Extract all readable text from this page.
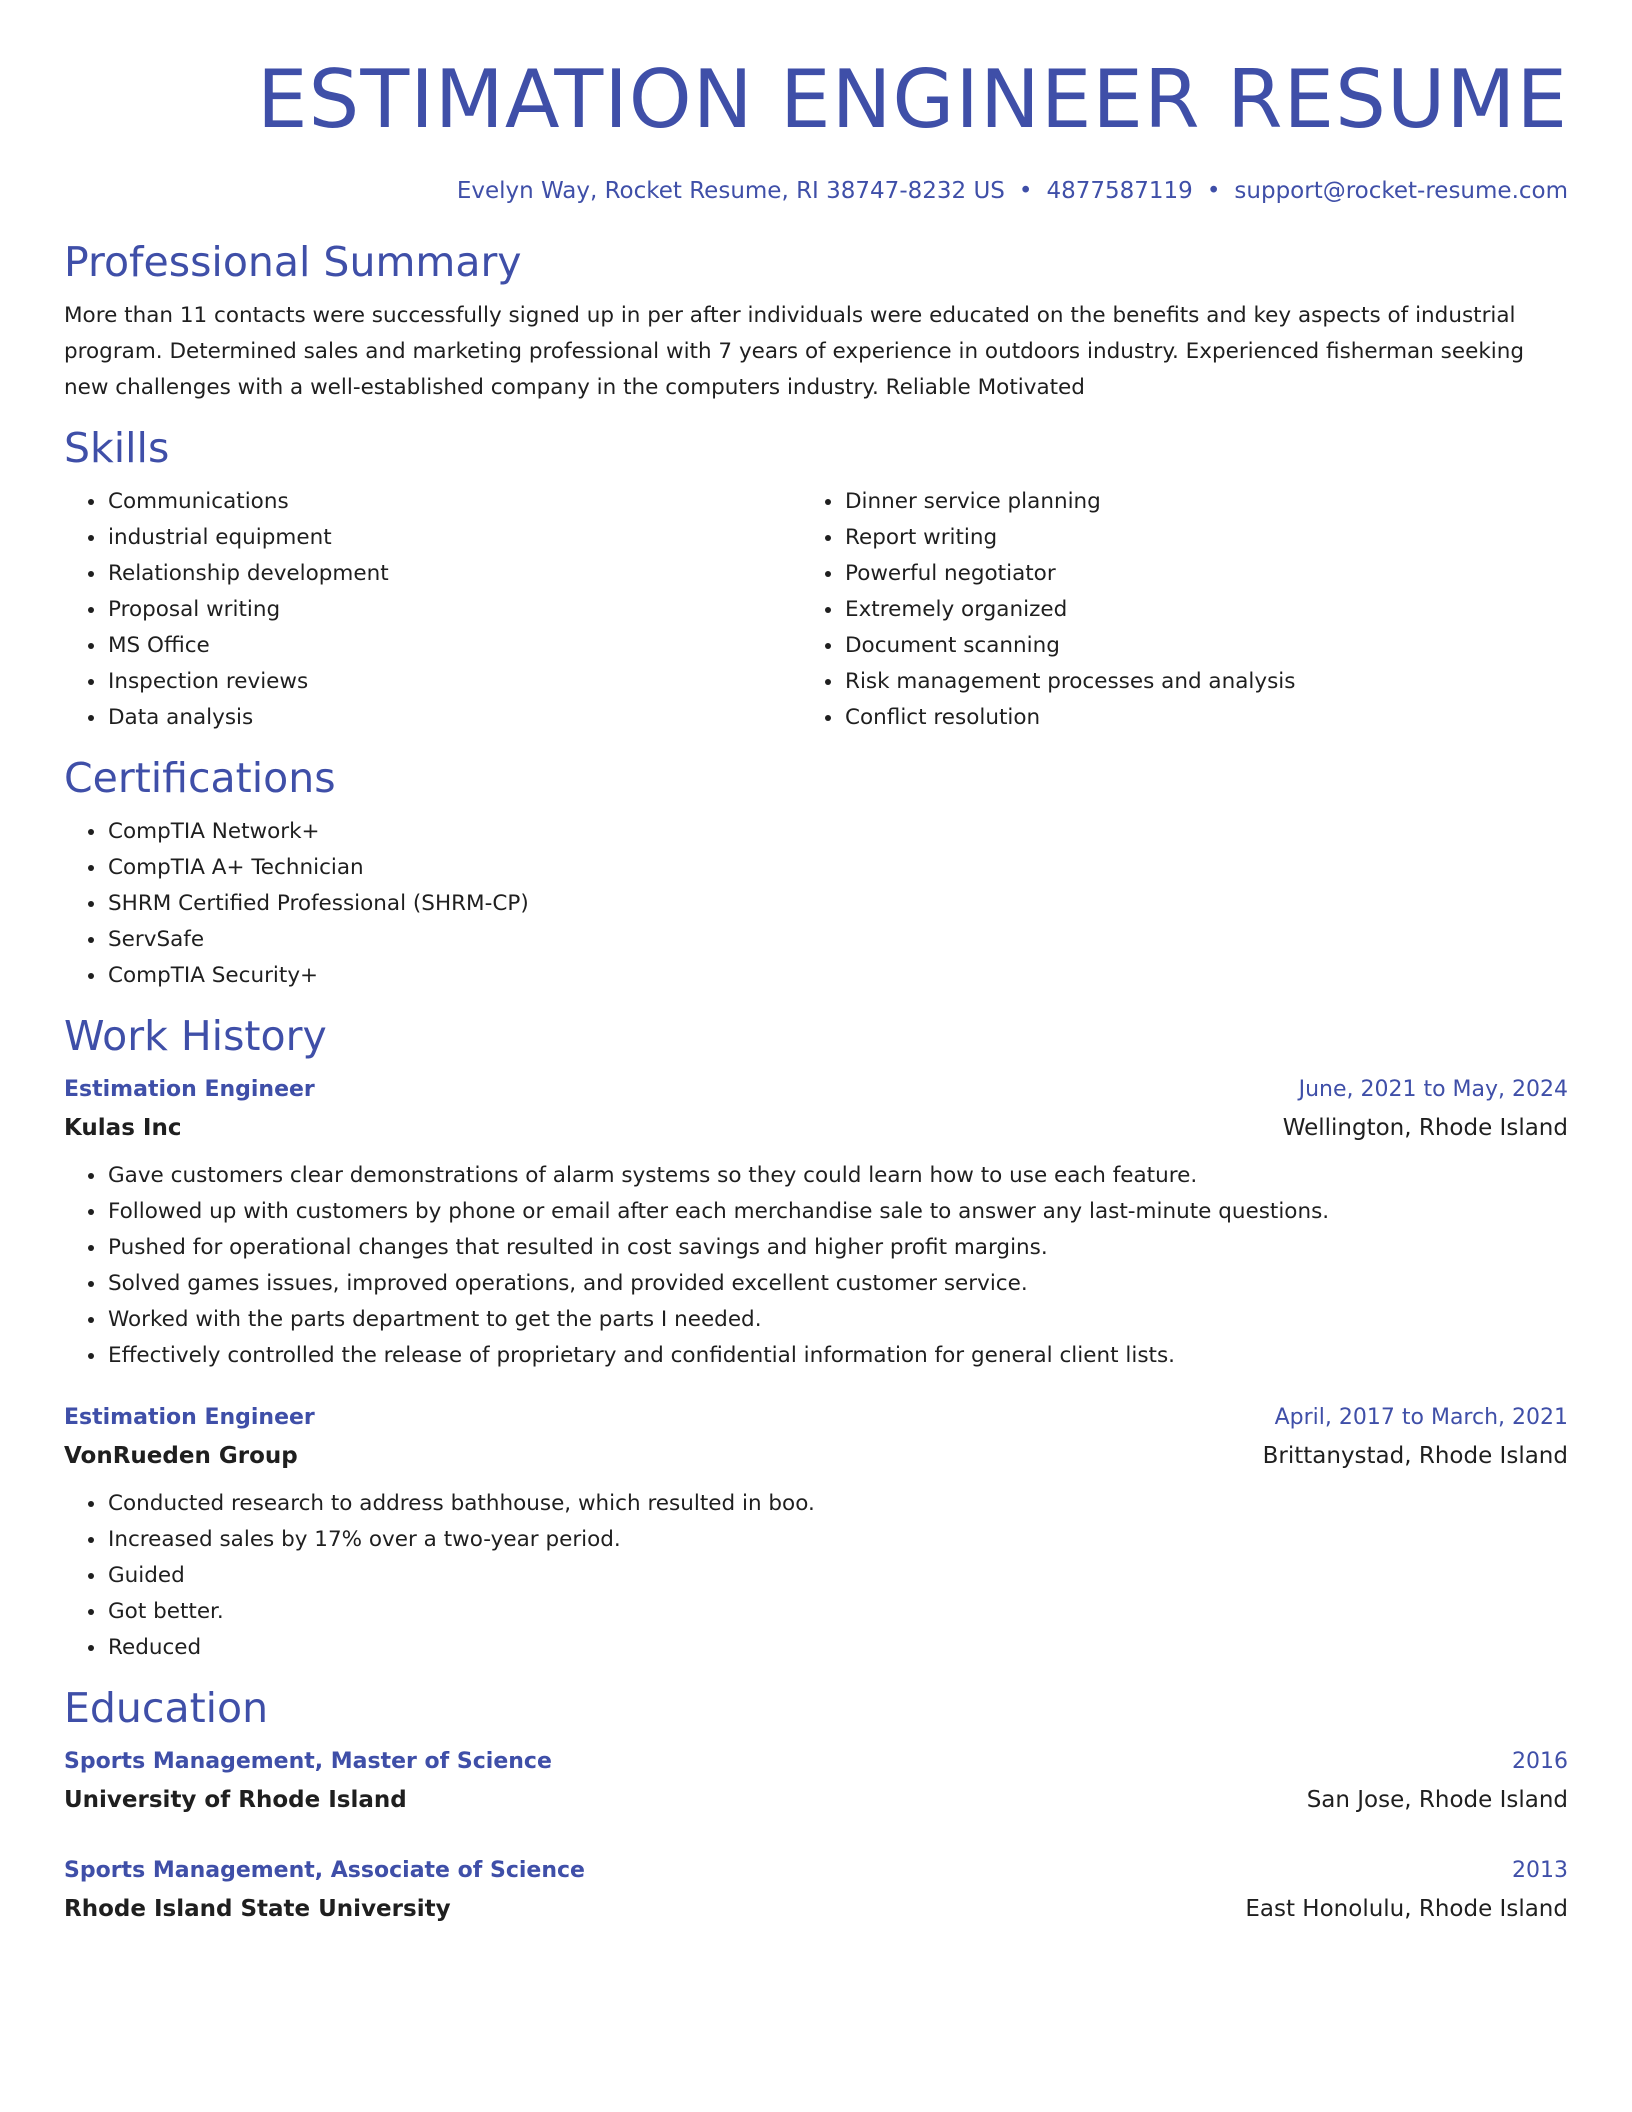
ESTIMATION ENGINEER RESUME
Evelyn Way, Rocket Resume, RI 38747-8232 US • 4877587119 • support@rocket-resume.com
Professional Summary

More than 11 contacts were successfully signed up in per after individuals were educated on the benefits and key aspects of industrial program. Determined sales and marketing professional with 7 years of experience in outdoors industry. Experienced fisherman seeking new challenges with a well-established company in the computers industry. Reliable Motivated

Skills
• Communications
• industrial equipment
• Relationship development
• Proposal writing
• MS Office
• Inspection reviews
• Data analysis
• Dinner service planning
• Report writing
• Powerful negotiator
• Extremely organized
• Document scanning
• Risk management processes and analysis
• Conflict resolution
Certifications
• CompTIA Network+
• CompTIA A+ Technician
• SHRM Certified Professional (SHRM-CP)
• ServSafe
• CompTIA Security+
Work History
Estimation Engineer	June, 2021 to May, 2024
Kulas Inc	Wellington, Rhode Island
• Gave customers clear demonstrations of alarm systems so they could learn how to use each feature.
• Followed up with customers by phone or email after each merchandise sale to answer any last-minute questions.
• Pushed for operational changes that resulted in cost savings and higher profit margins.
• Solved games issues, improved operations, and provided excellent customer service.
• Worked with the parts department to get the parts I needed.
• Effectively controlled the release of proprietary and confidential information for general client lists.
Estimation Engineer	April, 2017 to March, 2021
VonRueden Group	Brittanystad, Rhode Island
• Conducted research to address bathhouse, which resulted in boo.
• Increased sales by 17% over a two-year period.
• Guided
• Got better.
• Reduced
Education
Sports Management, Master of Science	2016
University of Rhode Island	San Jose, Rhode Island
Sports Management, Associate of Science	2013
Rhode Island State University	East Honolulu, Rhode Island
